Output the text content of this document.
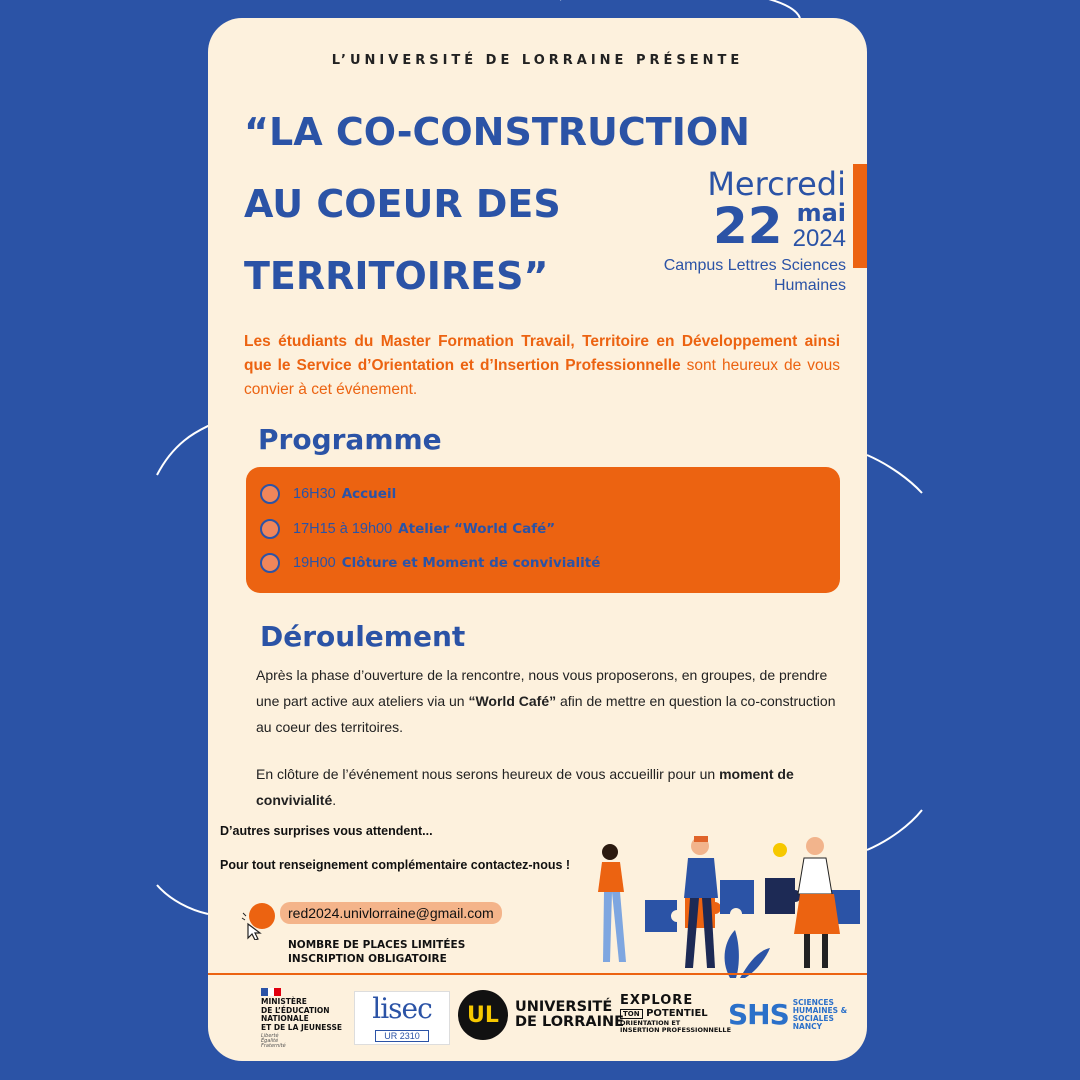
L’UNIVERSITÉ DE LORRAINE PRÉSENTE
“LA CO-CONSTRUCTION
AU COEUR DES
TERRITOIRES”
Mercredi
22 mai
2024
Campus Lettres Sciences
Humaines
Les étudiants du Master Formation Travail, Territoire en Développement ainsi que le Service d’Orientation et d’Insertion Professionnelle sont heureux de vous convier à cet événement.
Programme
16H30 Accueil
17H15 à 19h00 Atelier “World Café”
19H00 Clôture et Moment de convivialité
Déroulement
Après la phase d’ouverture de la rencontre, nous vous proposerons, en groupes, de prendre une part active aux ateliers via un “World Café” afin de mettre en question la co-construction au coeur des territoires.
En clôture de l’événement nous serons heureux de vous accueillir pour un moment de convivialité.
D’autres surprises vous attendent...
Pour tout renseignement complémentaire contactez-nous !
red2024.univlorraine@gmail.com
NOMBRE DE PLACES LIMITÉES
INSCRIPTION OBLIGATOIRE
MINISTÈRE
DE L’ÉDUCATION
NATIONALE
ET DE LA JEUNESSE
Liberté
Égalité
Fraternité
lisec
UR 2310
UL	UNIVERSITÉ
DE LORRAINE
EXPLORE
TON POTENTIEL
ORIENTATION ET
INSERTION PROFESSIONNELLE
SHS SCIENCES
HUMAINES &
SOCIALES
NANCY
